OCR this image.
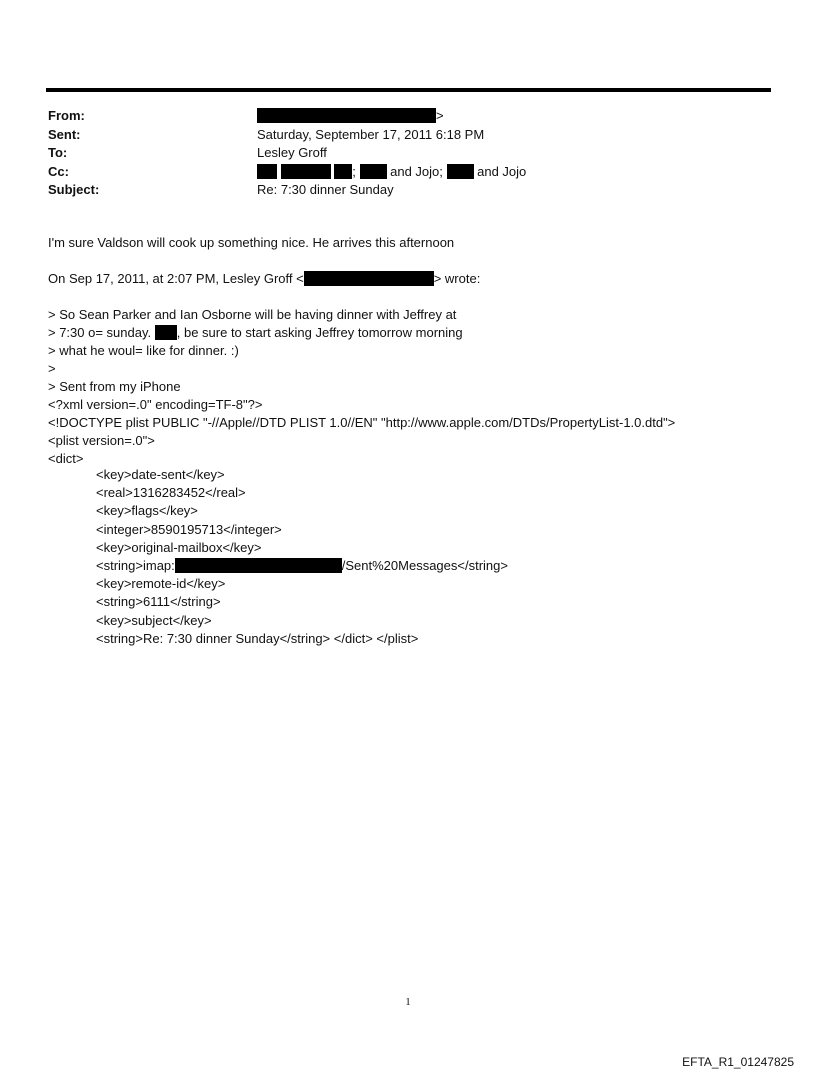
From:	>
Sent:	Saturday, September 17, 2011 6:18 PM
To:	Lesley Groff
Cc:	;  and Jojo;  and Jojo
Subject:	Re: 7:30 dinner Sunday
I'm sure Valdson will cook up something nice. He arrives this afternoon
On Sep 17, 2011, at 2:07 PM, Lesley Groff <	> wrote:
> So Sean Parker and Ian Osborne will be having dinner with Jeffrey at
> 7:30 o= sunday. , be sure to start asking Jeffrey tomorrow morning
> what he woul= like for dinner. :)
>
> Sent from my iPhone
<?xml version=.0" encoding=TF-8"?>
<!DOCTYPE plist PUBLIC "-//Apple//DTD PLIST 1.0//EN" "http://www.apple.com/DTDs/PropertyList-1.0.dtd">
<plist version=.0">
<dict>
<key>date-sent</key>
<real>1316283452</real>
<key>flags</key>
<integer>8590195713</integer>
<key>original-mailbox</key>
<string>imap:	/Sent%20Messages</string>
<key>remote-id</key>
<string>6111</string>
<key>subject</key>
<string>Re: 7:30 dinner Sunday</string> </dict> </plist>
1
EFTA_R1_01247825
